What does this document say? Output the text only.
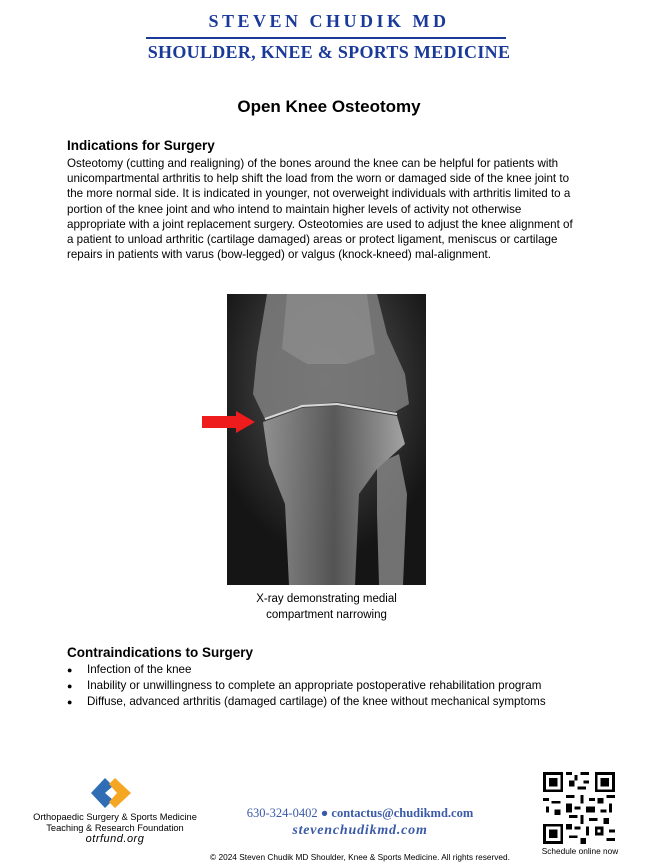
STEVEN CHUDIK MD
SHOULDER, KNEE & SPORTS MEDICINE
Open Knee Osteotomy
Indications for Surgery
Osteotomy (cutting and realigning) of the bones around the knee can be helpful for patients with unicompartmental arthritis to help shift the load from the worn or damaged side of the knee joint to the more normal side. It is indicated in younger, not overweight individuals with arthritis limited to a portion of the knee joint and who intend to maintain higher levels of activity not otherwise appropriate with a joint replacement surgery. Osteotomies are used to adjust the knee alignment of a patient to unload arthritic (cartilage damaged) areas or protect ligament, meniscus or cartilage repairs in patients with varus (bow-legged) or valgus (knock-kneed) mal-alignment.
X-ray demonstrating medial
compartment narrowing
Contraindications to Surgery
● Infection of the knee
● Inability or unwillingness to complete an appropriate postoperative rehabilitation program
● Diffuse, advanced arthritis (damaged cartilage) of the knee without mechanical symptoms
Orthopaedic Surgery & Sports Medicine
Teaching & Research Foundation
otrfund.org
630-324-0402 ● contactus@chudikmd.com
stevenchudikmd.com
© 2024 Steven Chudik MD Shoulder, Knee & Sports Medicine. All rights reserved.
Schedule online now
